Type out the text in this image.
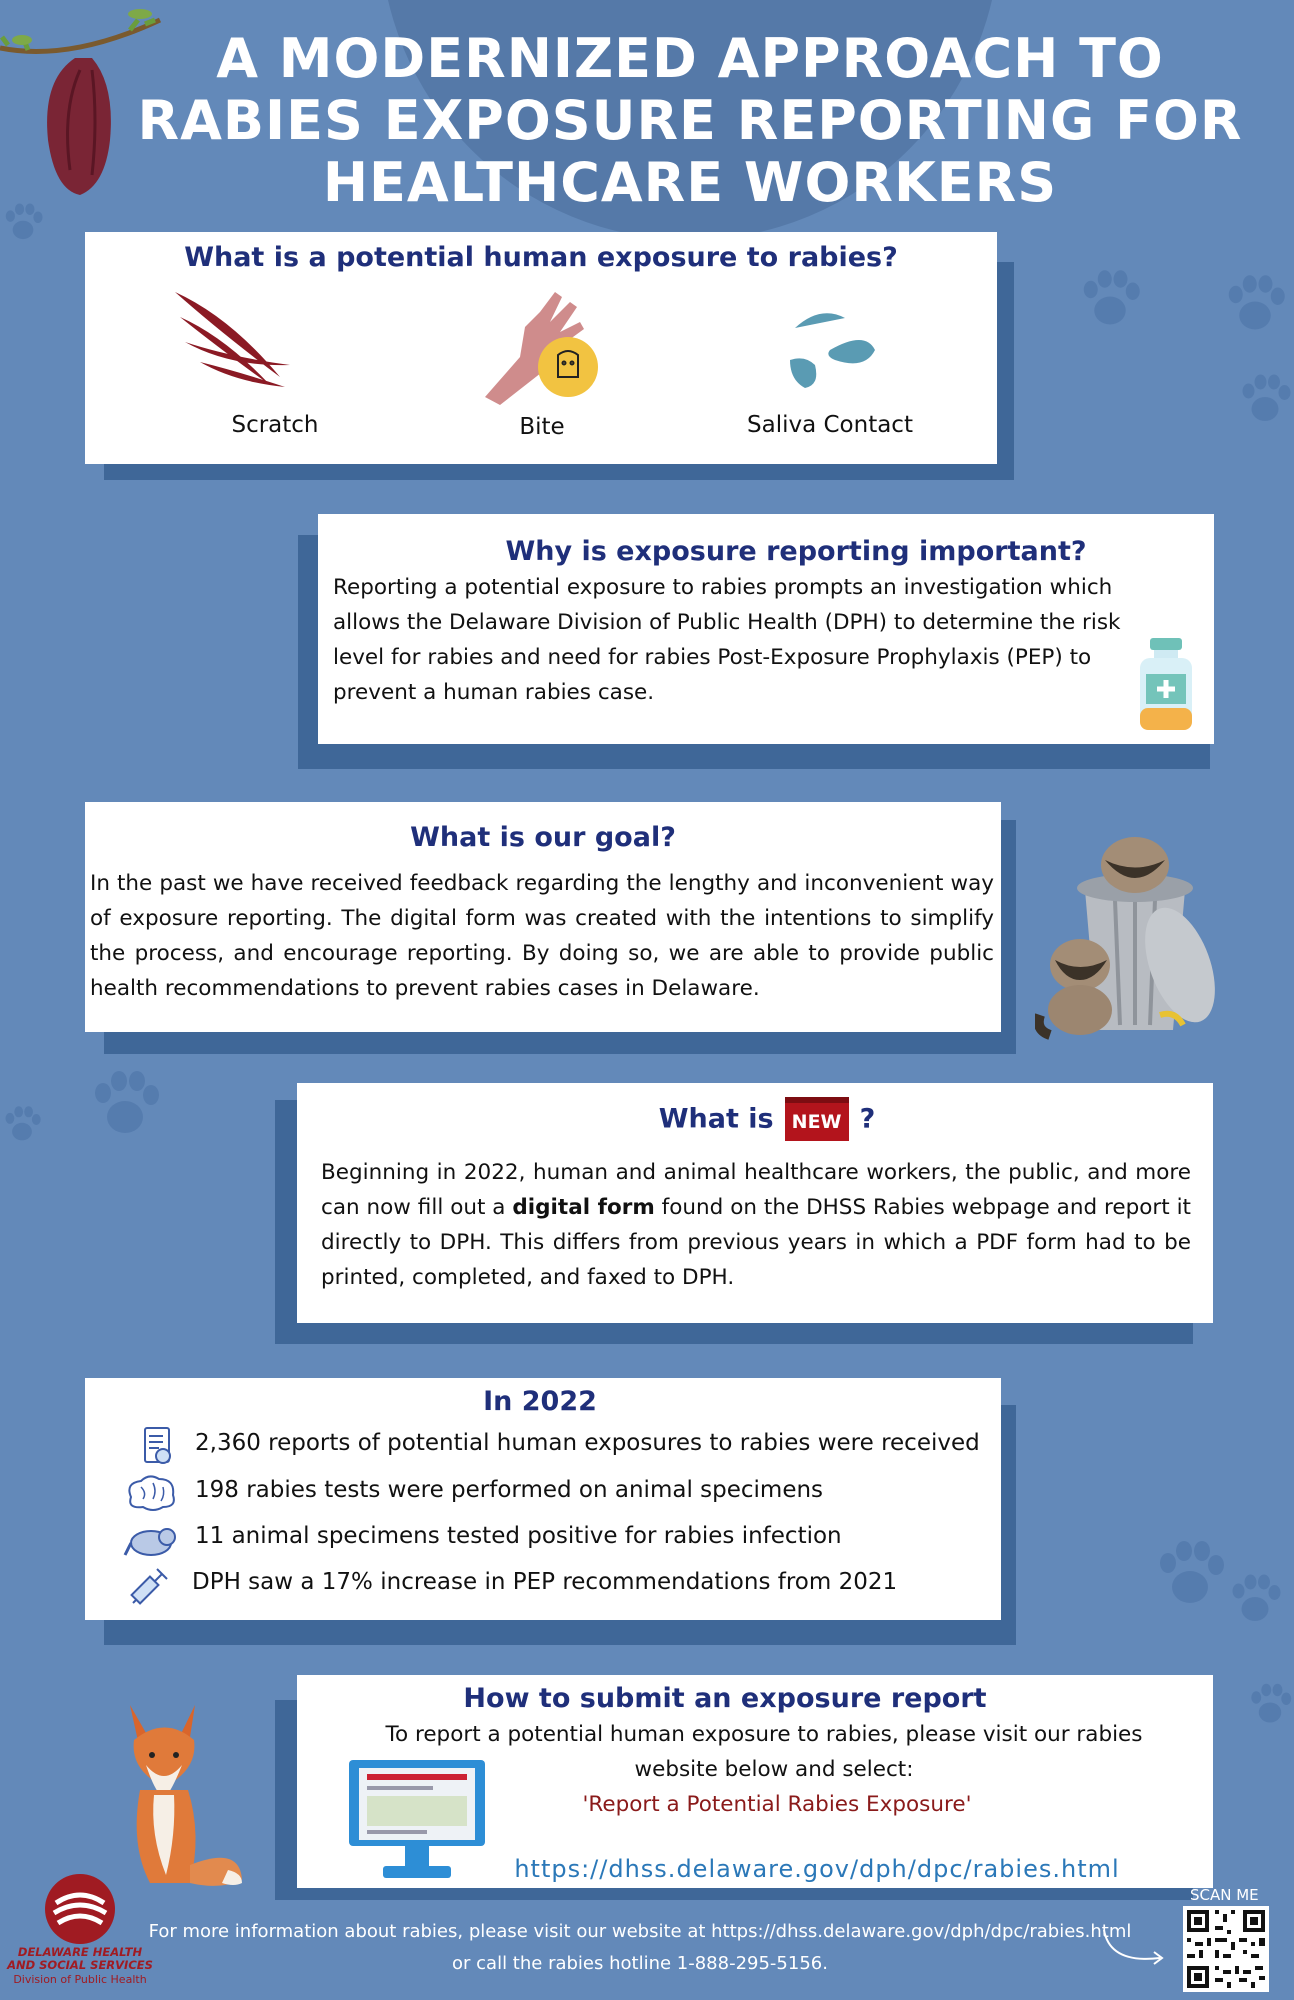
A MODERNIZED APPROACH TO RABIES EXPOSURE REPORTING FOR HEALTHCARE WORKERS
What is a potential human exposure to rabies?
Scratch	Bite	Saliva Contact
Why is exposure reporting important?

Reporting a potential exposure to rabies prompts an investigation which allows the Delaware Division of Public Health (DPH) to determine the risk level for rabies and need for rabies Post-Exposure Prophylaxis (PEP) to prevent a human rabies case.

What is our goal?

In the past we have received feedback regarding the lengthy and inconvenient way of exposure reporting. The digital form was created with the intentions to simplify the process, and encourage reporting. By doing so, we are able to provide public health recommendations to prevent rabies cases in Delaware.

What is NEW ?

Beginning in 2022, human and animal healthcare workers, the public, and more can now fill out a digital form found on the DHSS Rabies webpage and report it directly to DPH. This differs from previous years in which a PDF form had to be printed, completed, and faxed to DPH.

In 2022
2,360 reports of potential human exposures to rabies were received
198 rabies tests were performed on animal specimens
11 animal specimens tested positive for rabies infection
DPH saw a 17% increase in PEP recommendations from 2021
How to submit an exposure report

To report a potential human exposure to rabies, please visit our rabies

website below and select:

'Report a Potential Rabies Exposure'

https://dhss.delaware.gov/dph/dpc/rabies.html
DELAWARE HEALTH
AND SOCIAL SERVICES
Division of Public Health
For more information about rabies, please visit our website at https://dhss.delaware.gov/dph/dpc/rabies.html
or call the rabies hotline 1-888-295-5156.
SCAN ME
